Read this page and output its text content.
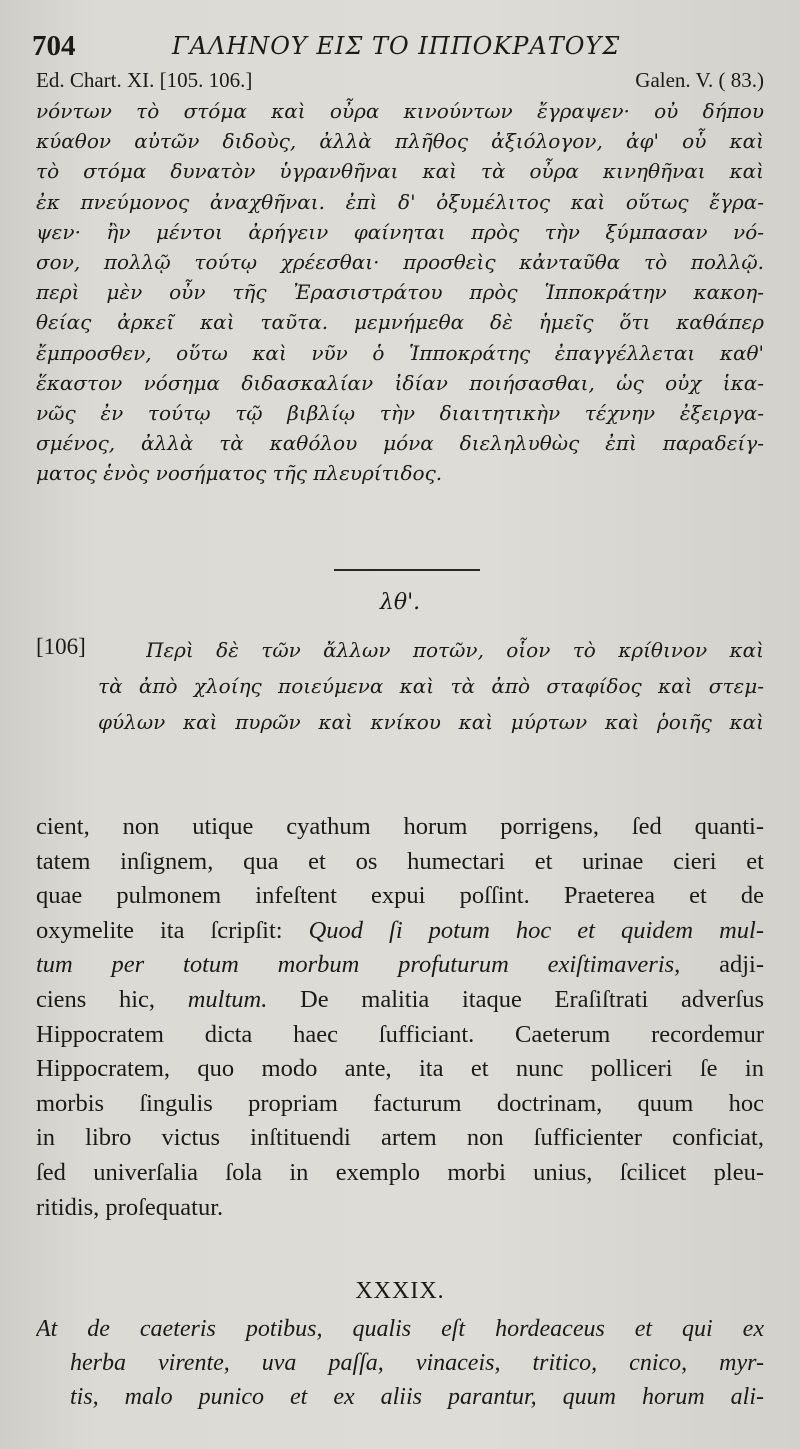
704	ΓΑΛΗΝΟΥ ΕΙΣ ΤΟ ΙΠΠΟΚΡΑΤΟΥΣ
Ed. Chart. XI. [105. 106.]	Galen. V. ( 83.)
νόντων τὸ στόμα καὶ οὖρα κινούντων ἔγραψεν· οὐ δήπου
κύαθον αὐτῶν διδοὺς, ἀλλὰ πλῆθος ἀξιόλογον, ἀφ' οὗ καὶ
τὸ στόμα δυνατὸν ὑγρανθῆναι καὶ τὰ οὖρα κινηθῆναι καὶ
ἐκ πνεύμονος ἀναχθῆναι. ἐπὶ δ' ὀξυμέλιτος καὶ οὕτως ἔγρα-
ψεν· ἢν μέντοι ἀρήγειν φαίνηται πρὸς τὴν ξύμπασαν νό-
σον, πολλῷ τούτῳ χρέεσθαι· προσθεὶς κἀνταῦθα τὸ πολλῷ.
περὶ μὲν οὖν τῆς Ἐρασιστράτου πρὸς Ἱπποκράτην κακοη-
θείας ἀρκεῖ καὶ ταῦτα. μεμνήμεθα δὲ ἡμεῖς ὅτι καθάπερ
ἔμπροσθεν, οὕτω καὶ νῦν ὁ Ἱπποκράτης ἐπαγγέλλεται καθ'
ἕκαστον νόσημα διδασκαλίαν ἰδίαν ποιήσασθαι, ὡς οὐχ ἱκα-
νῶς ἐν τούτῳ τῷ βιβλίῳ τὴν διαιτητικὴν τέχνην ἐξειργα-
σμένος, ἀλλὰ τὰ καθόλου μόνα διεληλυθὼς ἐπὶ παραδείγ-
ματος ἑνὸς νοσήματος τῆς πλευρίτιδος.
λθ'.
[106]	Περὶ δὲ τῶν ἄλλων ποτῶν, οἷον τὸ κρίθινον καὶ
τὰ ἀπὸ χλοίης ποιεύμενα καὶ τὰ ἀπὸ σταφίδος καὶ στεμ-
φύλων καὶ πυρῶν καὶ κνίκου καὶ μύρτων καὶ ῥοιῆς καὶ
cient, non utique cyathum horum porrigens, ſed quanti-
tatem inſignem, qua et os humectari et urinae cieri et
quae pulmonem infeſtent expui poſſint. Praeterea et de
oxymelite ita ſcripſit: Quod ſi potum hoc et quidem mul-
tum per totum morbum profuturum exiſtimaveris, adji-
ciens hic, multum. De malitia itaque Eraſiſtrati adverſus
Hippocratem dicta haec ſufficiant. Caeterum recordemur
Hippocratem, quo modo ante, ita et nunc polliceri ſe in
morbis ſingulis propriam facturum doctrinam, quum hoc
in libro victus inſtituendi artem non ſufficienter conficiat,
ſed univerſalia ſola in exemplo morbi unius, ſcilicet pleu-
ritidis, proſequatur.
XXXIX.
At de caeteris potibus, qualis eſt hordeaceus et qui ex
herba virente, uva paſſa, vinaceis, tritico, cnico, myr-
tis, malo punico et ex aliis parantur, quum horum ali-
